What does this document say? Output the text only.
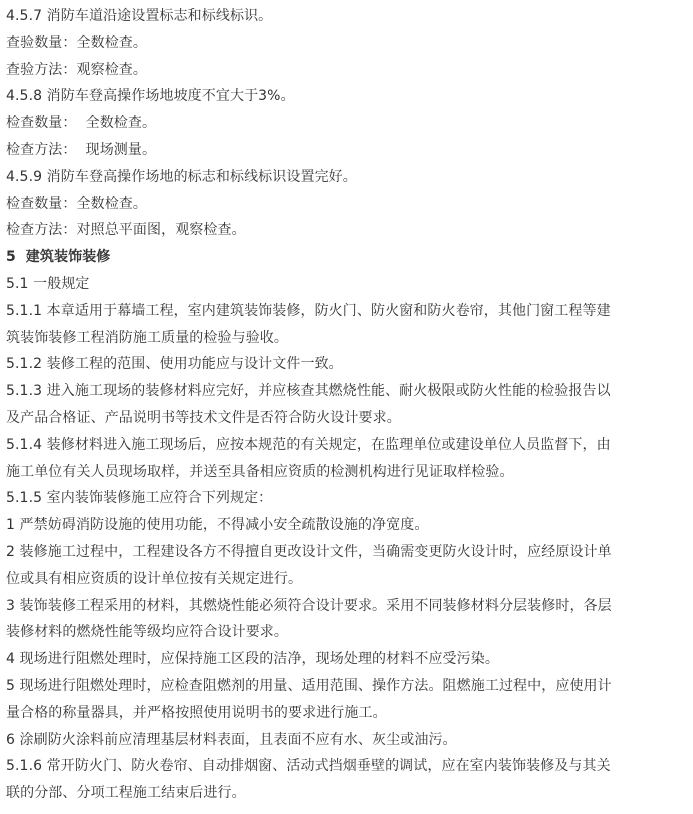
4.5.7 消防车道沿途设置标志和标线标识。
查验数量：全数检查。
查验方法：观察检查。
4.5.8 消防车登高操作场地坡度不宜大于3%。
检查数量：  全数检查。
检查方法：  现场测量。
4.5.9 消防车登高操作场地的标志和标线标识设置完好。
检查数量：全数检查。
检查方法：对照总平面图，观察检查。
5  建筑装饰装修
5.1 一般规定
5.1.1 本章适用于幕墙工程，室内建筑装饰装修，防火门、防火窗和防火卷帘，其他门窗工程等建
筑装饰装修工程消防施工质量的检验与验收。
5.1.2 装修工程的范围、使用功能应与设计文件一致。
5.1.3 进入施工现场的装修材料应完好，并应核查其燃烧性能、耐火极限或防火性能的检验报告以
及产品合格证、产品说明书等技术文件是否符合防火设计要求。
5.1.4 装修材料进入施工现场后，应按本规范的有关规定，在监理单位或建设单位人员监督下，由
施工单位有关人员现场取样，并送至具备相应资质的检测机构进行见证取样检验。
5.1.5 室内装饰装修施工应符合下列规定：
1 严禁妨碍消防设施的使用功能，不得减小安全疏散设施的净宽度。
2 装修施工过程中，工程建设各方不得擅自更改设计文件，当确需变更防火设计时，应经原设计单
位或具有相应资质的设计单位按有关规定进行。
3 装饰装修工程采用的材料，其燃烧性能必须符合设计要求。采用不同装修材料分层装修时，各层
装修材料的燃烧性能等级均应符合设计要求。
4 现场进行阻燃处理时，应保持施工区段的洁净，现场处理的材料不应受污染。
5 现场进行阻燃处理时，应检查阻燃剂的用量、适用范围、操作方法。阻燃施工过程中，应使用计
量合格的称量器具，并严格按照使用说明书的要求进行施工。
6 涂刷防火涂料前应清理基层材料表面，且表面不应有水、灰尘或油污。
5.1.6 常开防火门、防火卷帘、自动排烟窗、活动式挡烟垂壁的调试，应在室内装饰装修及与其关
联的分部、分项工程施工结束后进行。
